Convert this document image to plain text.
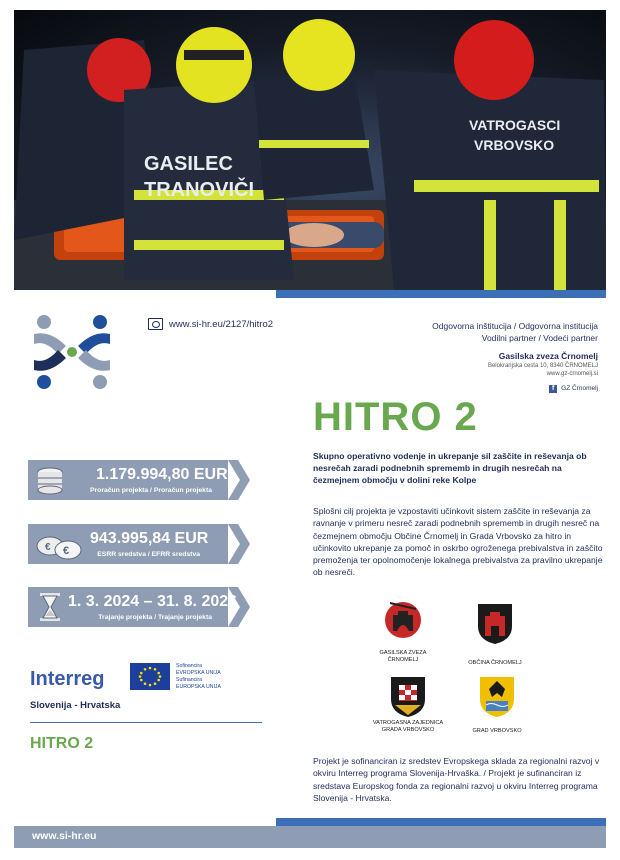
GASILEC
TRANOVIČI
VATROGASCI
VRBOVSKO
www.si-hr.eu/2127/hitro2	Odgovorna inštitucija / Odgovorna institucija
Vodilni partner / Vodeći partner
Gasilska zveza Črnomelj
Belokranjska cesta 10, 8340 ČRNOMELJ
www.gz-crnomelj.si
f	GZ Črnomelj
HITRO 2
Skupno operativno vodenje in ukrepanje sil zaščite in reševanja ob nesrečah zaradi podnebnih sprememb in drugih nesrečah na čezmejnem območju v dolini reke Kolpe
Splošni cilj projekta je vzpostaviti učinkovit sistem zaščite in reševanja za ravnanje v primeru nesreč zaradi podnebnih sprememb in drugih nesreč na čezmejnem območju Občine Črnomelj in Grada Vrbovsko za hitro in učinkovito ukrepanje za pomoč in oskrbo ogroženega prebivalstva in zaščito premoženja ter opolnomočenje lokalnega prebivalstva za pravilno ukrepanje ob nesreči.
1.179.994,80 EUR
Proračun projekta / Proračun projekta
€
€
943.995,84 EUR
ESRR sredstva / EFRR sredstva
1. 3. 2024 – 31. 8. 2026
Trajanje projekta / Trajanje projekta
Interreg
Sofinancira
EVROPSKA UNIJA
Sufinancira
EUROPSKA UNIJA
Slovenija - Hrvatska
HITRO 2
GASILSKA ZVEZA
ČRNOMELJ	OBČINA ČRNOMELJ
VATROGASNA ZAJEDNICA
GRADA VRBOVSKO	GRAD VRBOVSKO
Projekt je sofinanciran iz sredstev Evropskega sklada za regionalni razvoj v okviru Interreg programa Slovenija-Hrvaška. / Projekt je sufinanciran iz sredstava Europskog fonda za regionalni razvoj u okviru Interreg programa Slovenija - Hrvatska.
www.si-hr.eu
